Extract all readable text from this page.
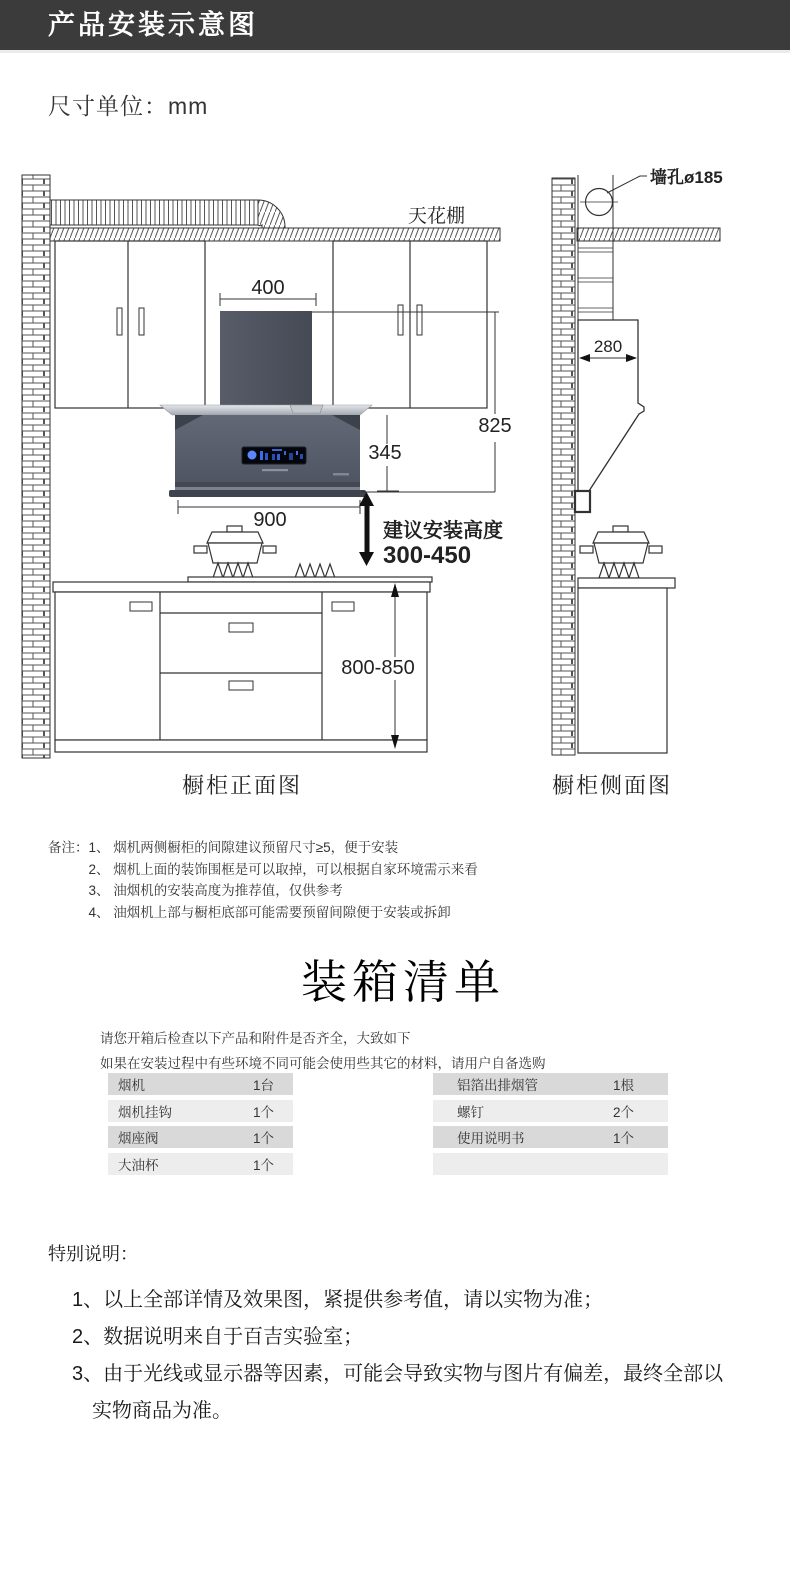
产品安装示意图
尺寸单位：mm
天花棚
400
825
345
900	建议安装高度
300-450
800-850
橱柜正面图
墙孔ø185
280
橱柜侧面图
备注： 1、 烟机两侧橱柜的间隙建议预留尺寸≥5，便于安装
2、 烟机上面的装饰围框是可以取掉，可以根据自家环境需示来看
3、 油烟机的安装高度为推荐值，仅供参考
4、 油烟机上部与橱柜底部可能需要预留间隙便于安装或拆卸
装箱清单
请您开箱后检查以下产品和附件是否齐全，大致如下
如果在安装过程中有些环境不同可能会使用些其它的材料，请用户自备选购
烟机	1台
烟机挂钩	1个
烟座阀	1个
大油杯	1个
铝箔出排烟管	1根
螺钉	2个
使用说明书	1个
特别说明：
1、以上全部详情及效果图，紧提供参考值，请以实物为准；
2、数据说明来自于百吉实验室；
3、由于光线或显示器等因素，可能会导致实物与图片有偏差，最终全部以实物商品为准。
